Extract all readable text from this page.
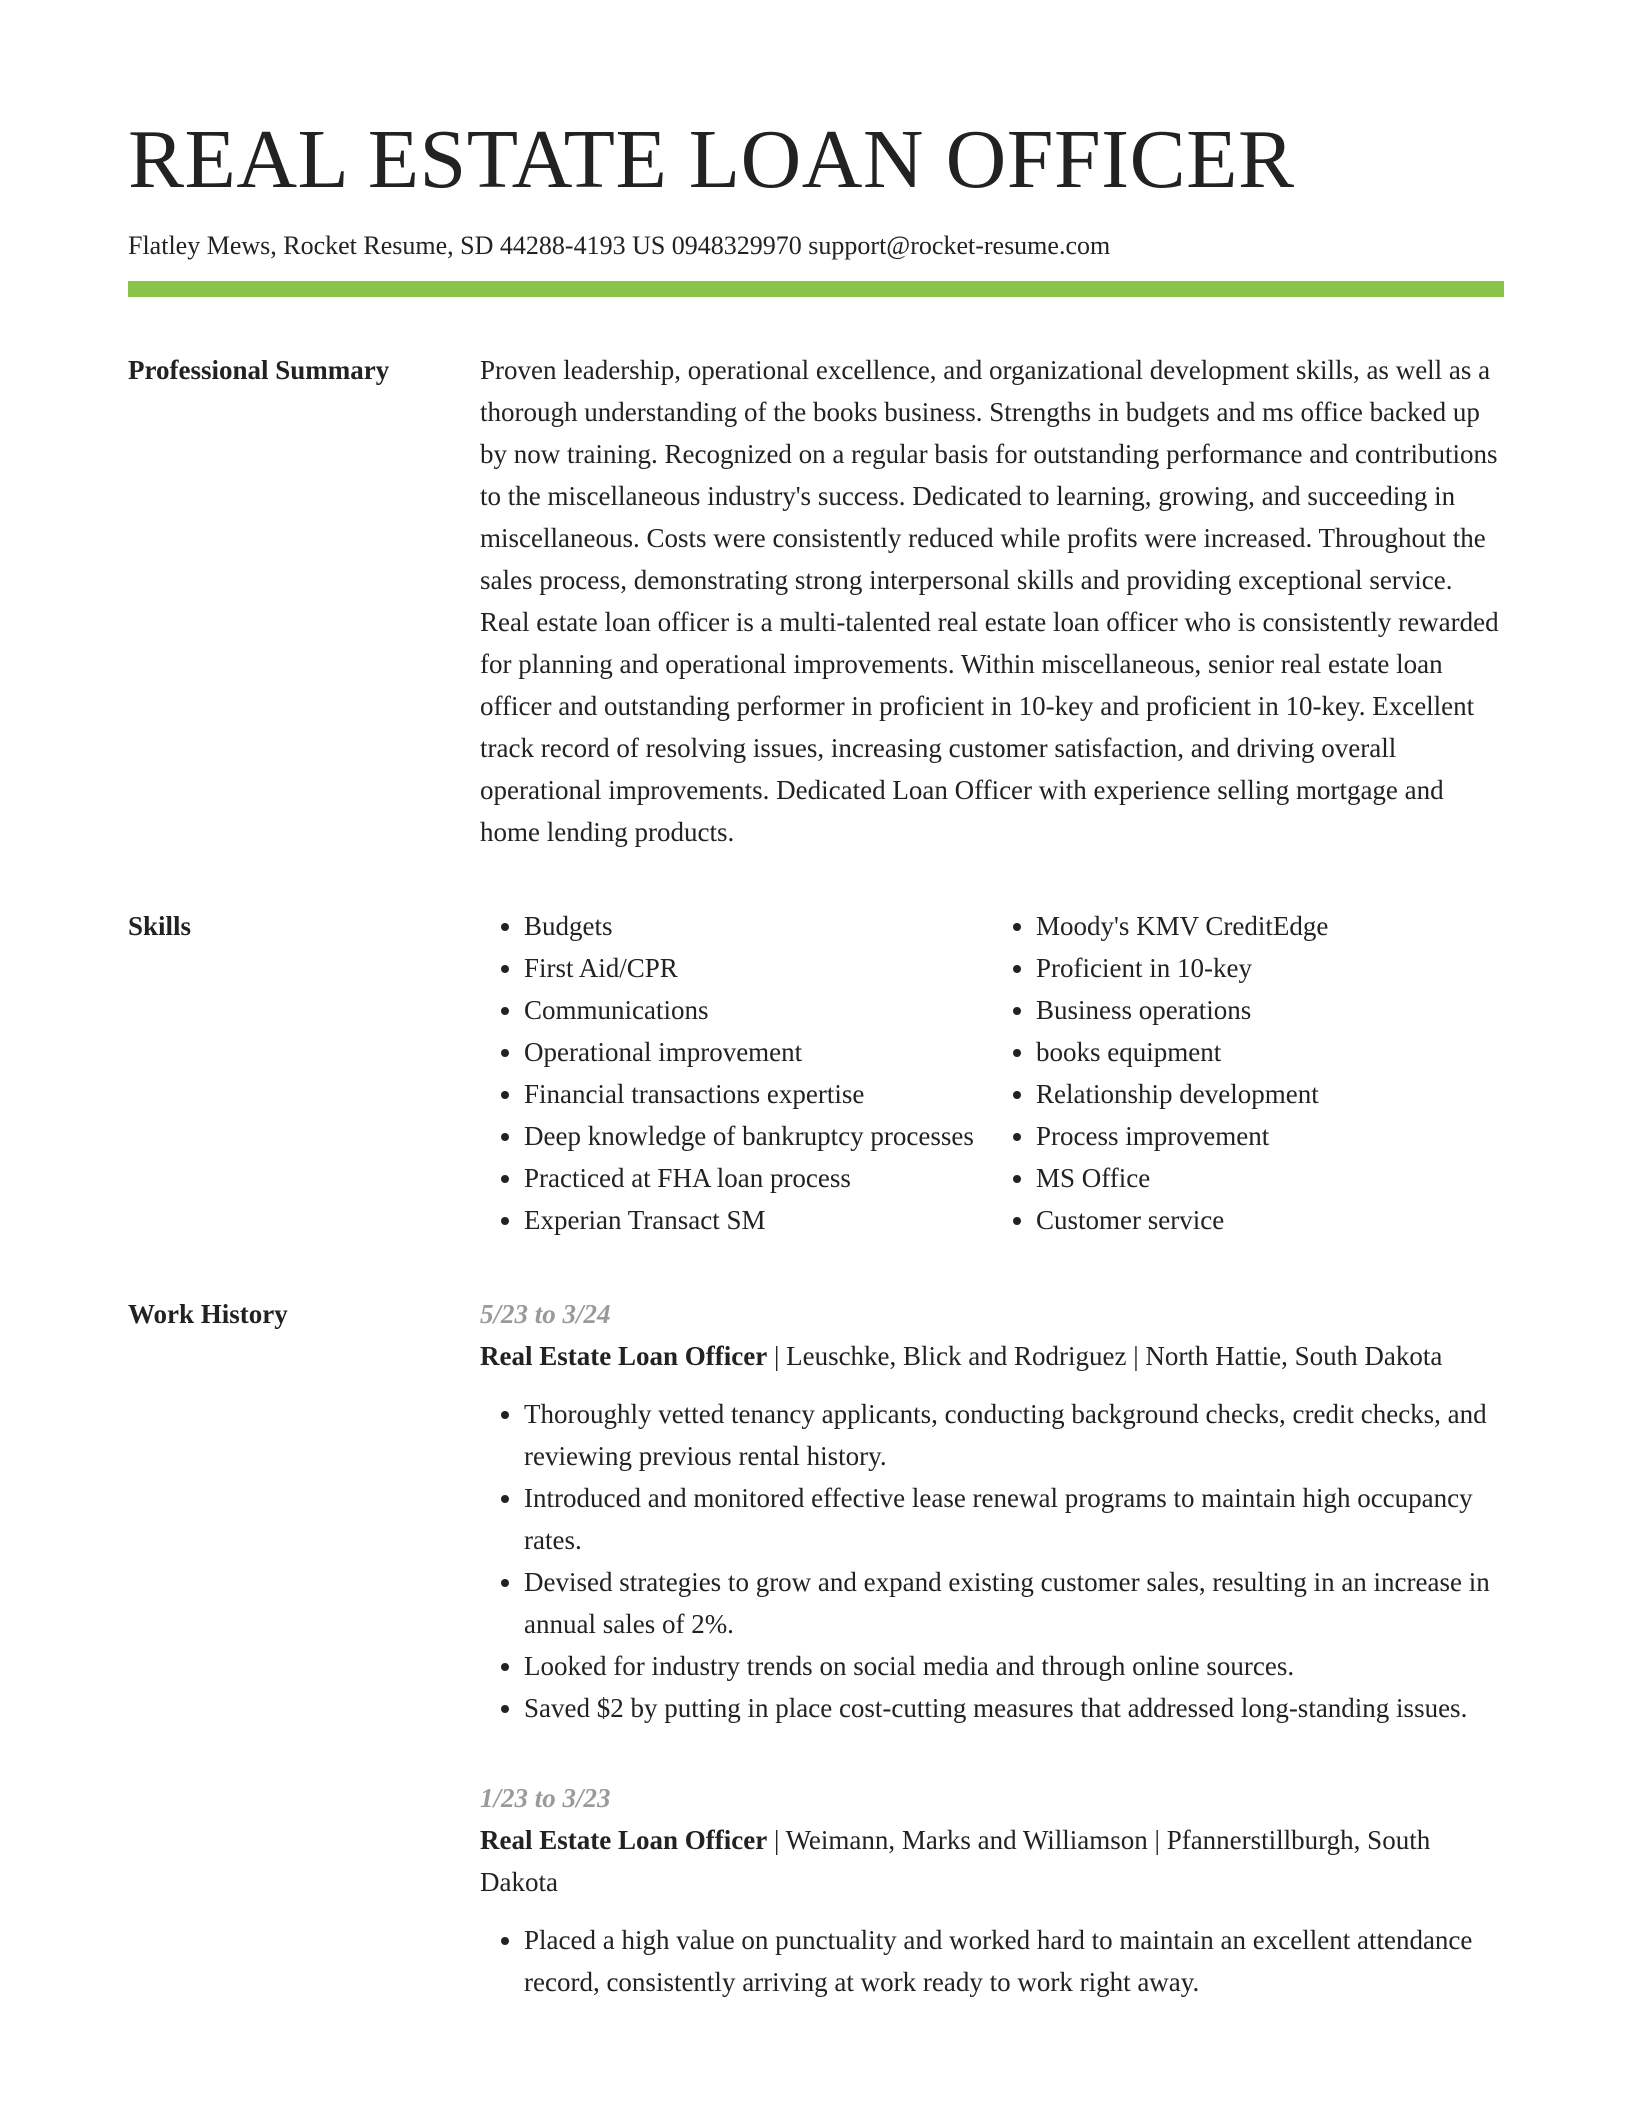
REAL ESTATE LOAN OFFICER
Flatley Mews, Rocket Resume, SD 44288-4193 US 0948329970 support@rocket-resume.com
Professional Summary	Proven leadership, operational excellence, and organizational development skills, as well as a thorough understanding of the books business. Strengths in budgets and ms office backed up by now training. Recognized on a regular basis for outstanding performance and contributions to the miscellaneous industry's success. Dedicated to learning, growing, and succeeding in miscellaneous. Costs were consistently reduced while profits were increased. Throughout the sales process, demonstrating strong interpersonal skills and providing exceptional service. Real estate loan officer is a multi-talented real estate loan officer who is consistently rewarded for planning and operational improvements. Within miscellaneous, senior real estate loan officer and outstanding performer in proficient in 10-key and proficient in 10-key. Excellent track record of resolving issues, increasing customer satisfaction, and driving overall operational improvements. Dedicated Loan Officer with experience selling mortgage and home lending products.

Skills
•	Budgets
• First Aid/CPR
• Communications
• Operational improvement
• Financial transactions expertise
• Deep knowledge of bankruptcy processes
• Practiced at FHA loan process
• Experian Transact SM
• Moody's KMV CreditEdge
• Proficient in 10-key
• Business operations
• books equipment
• Relationship development
• Process improvement
• MS Office
• Customer service
Work History	5/23 to 3/24
Real Estate Loan Officer | Leuschke, Blick and Rodriguez | North Hattie, South Dakota
• Thoroughly vetted tenancy applicants, conducting background checks, credit checks, and reviewing previous rental history.
• Introduced and monitored effective lease renewal programs to maintain high occupancy rates.
• Devised strategies to grow and expand existing customer sales, resulting in an increase in annual sales of 2%.
• Looked for industry trends on social media and through online sources.
• Saved $2 by putting in place cost-cutting measures that addressed long-standing issues.
1/23 to 3/23
Real Estate Loan Officer | Weimann, Marks and Williamson | Pfannerstillburgh, South Dakota
• Placed a high value on punctuality and worked hard to maintain an excellent attendance record, consistently arriving at work ready to work right away.
